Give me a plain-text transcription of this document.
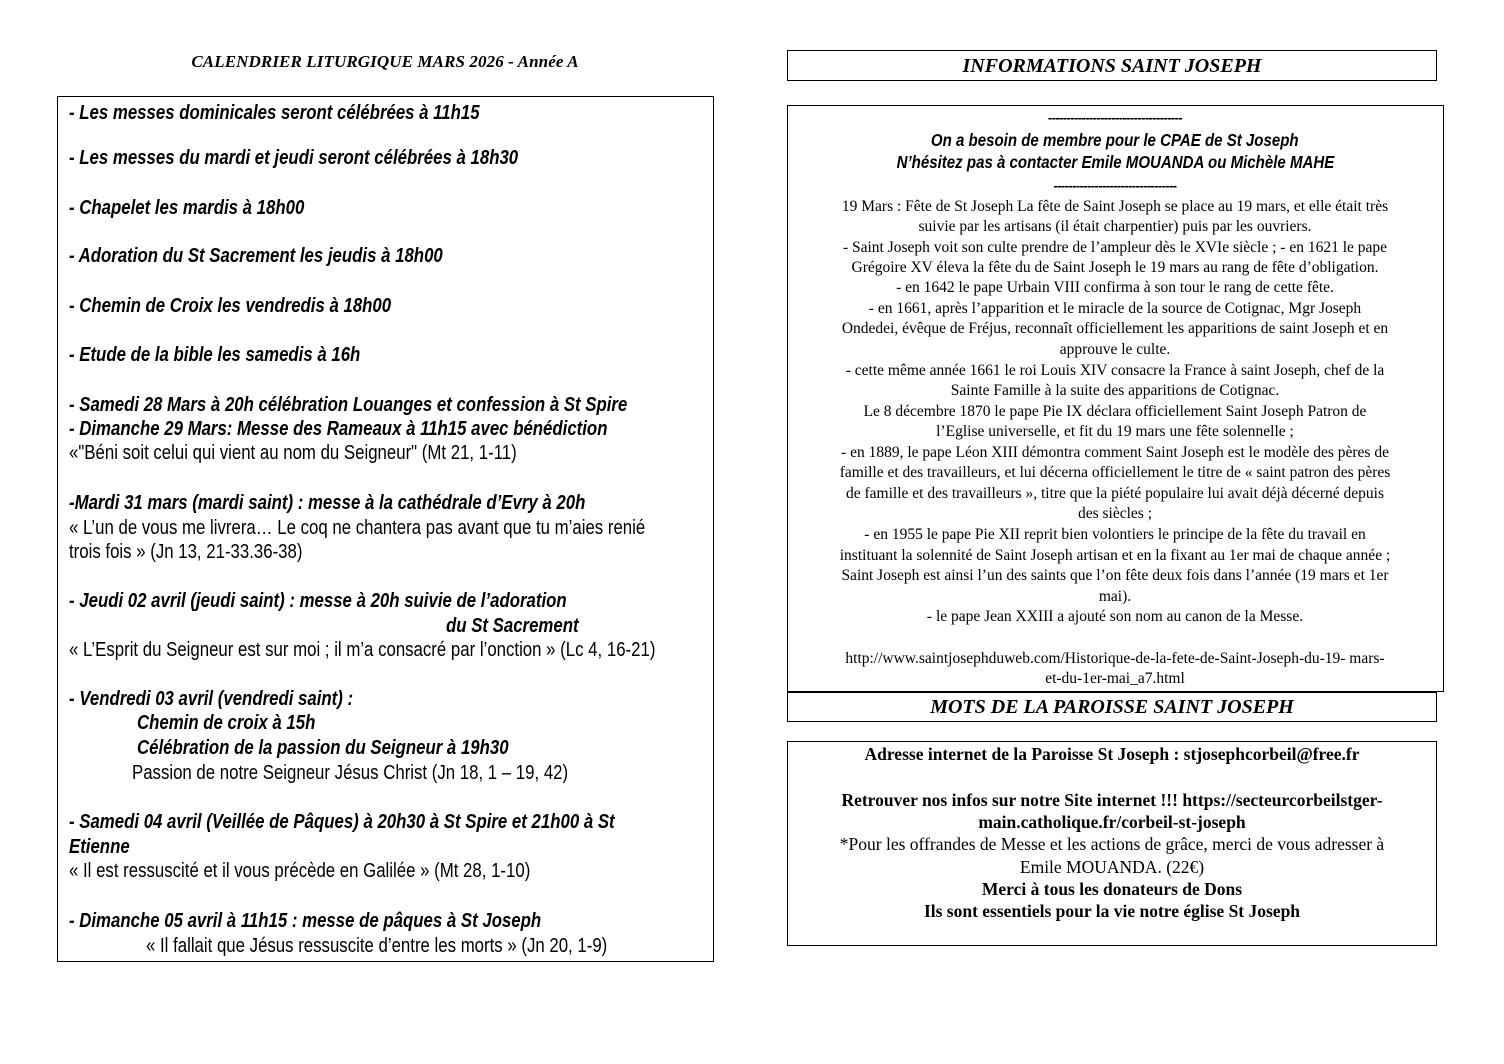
CALENDRIER LITURGIQUE MARS 2026 - Année A
- Les messes dominicales seront célébrées à 11h15
- Les messes du mardi et jeudi seront célébrées à 18h30
- Chapelet les mardis à 18h00
- Adoration du St Sacrement les jeudis à 18h00
- Chemin de Croix les vendredis à 18h00
- Etude de la bible les samedis à 16h
- Samedi 28 Mars à 20h célébration Louanges et confession à St Spire
- Dimanche 29 Mars: Messe des Rameaux à 11h15 avec bénédiction
«"Béni soit celui qui vient au nom du Seigneur" (Mt 21, 1-11)
-Mardi 31 mars (mardi saint) : messe à la cathédrale d’Evry à 20h
« L’un de vous me livrera… Le coq ne chantera pas avant que tu m’aies renié
trois fois » (Jn 13, 21-33.36-38)
- Jeudi 02 avril (jeudi saint) : messe à 20h suivie de l’adoration
du St Sacrement
« L’Esprit du Seigneur est sur moi ; il m’a consacré par l’onction » (Lc 4, 16-21)
- Vendredi 03 avril (vendredi saint) :
Chemin de croix à 15h
Célébration de la passion du Seigneur à 19h30
Passion de notre Seigneur Jésus Christ (Jn 18, 1 – 19, 42)
- Samedi 04 avril (Veillée de Pâques) à 20h30 à St Spire et 21h00 à St
Etienne
« Il est ressuscité et il vous précède en Galilée » (Mt 28, 1-10)
- Dimanche 05 avril à 11h15 : messe de pâques à St Joseph
« Il fallait que Jésus ressuscite d’entre les morts » (Jn 20, 1-9)
INFORMATIONS SAINT JOSEPH
------------------------------------
On a besoin de membre pour le CPAE de St Joseph
N’hésitez pas à contacter Emile MOUANDA ou Michèle MAHE
---------------------------------
19 Mars : Fête de St Joseph La fête de Saint Joseph se place au 19 mars, et elle était très
suivie par les artisans (il était charpentier) puis par les ouvriers.
- Saint Joseph voit son culte prendre de l’ampleur dès le XVIe siècle ; - en 1621 le pape
Grégoire XV éleva la fête du de Saint Joseph le 19 mars au rang de fête d’obligation.
- en 1642 le pape Urbain VIII confirma à son tour le rang de cette fête.
- en 1661, après l’apparition et le miracle de la source de Cotignac, Mgr Joseph
Ondedei, évêque de Fréjus, reconnaît officiellement les apparitions de saint Joseph et en
approuve le culte.
- cette même année 1661 le roi Louis XIV consacre la France à saint Joseph, chef de la
Sainte Famille à la suite des apparitions de Cotignac.
Le 8 décembre 1870 le pape Pie IX déclara officiellement Saint Joseph Patron de
l’Eglise universelle, et fit du 19 mars une fête solennelle ;
- en 1889, le pape Léon XIII démontra comment Saint Joseph est le modèle des pères de
famille et des travailleurs, et lui décerna officiellement le titre de « saint patron des pères
de famille et des travailleurs », titre que la piété populaire lui avait déjà décerné depuis
des siècles ;
- en 1955 le pape Pie XII reprit bien volontiers le principe de la fête du travail en
instituant la solennité de Saint Joseph artisan et en la fixant au 1er mai de chaque année ;
Saint Joseph est ainsi l’un des saints que l’on fête deux fois dans l’année (19 mars et 1er
mai).
- le pape Jean XXIII a ajouté son nom au canon de la Messe.
http://www.saintjosephduweb.com/Historique-de-la-fete-de-Saint-Joseph-du-19- mars-
et-du-1er-mai_a7.html
MOTS DE LA PAROISSE SAINT JOSEPH
Adresse internet de la Paroisse St Joseph : stjosephcorbeil@free.fr
Retrouver nos infos sur notre Site internet !!! https://secteurcorbeilstger-
main.catholique.fr/corbeil-st-joseph
*Pour les offrandes de Messe et les actions de grâce, merci de vous adresser à
Emile MOUANDA. (22€)
Merci à tous les donateurs de Dons
Ils sont essentiels pour la vie notre église St Joseph
